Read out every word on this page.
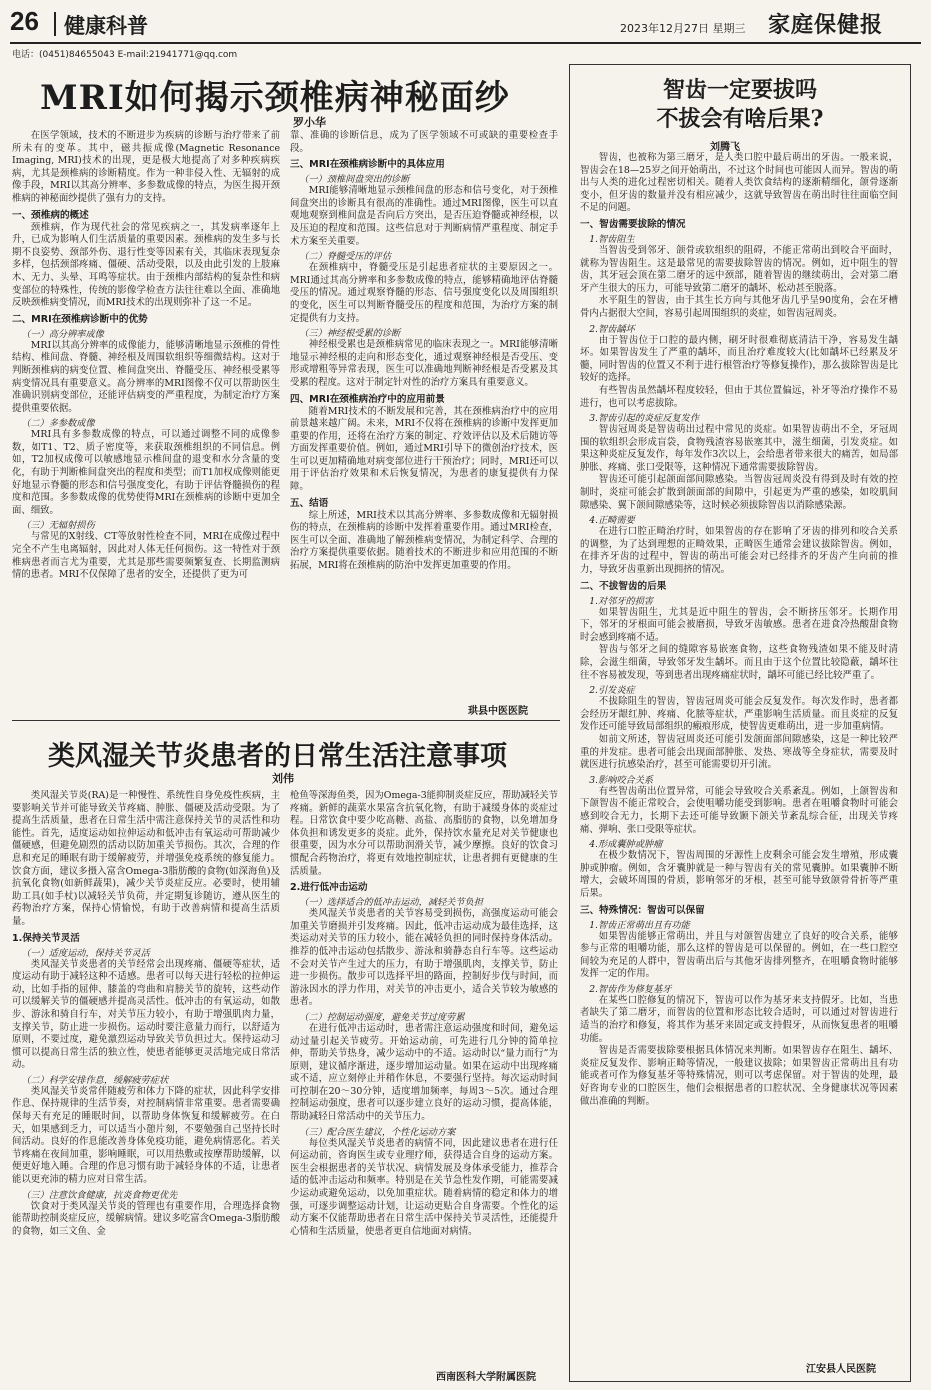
26 健康科普	2023年12月27日 星期三 家庭保健报
电话：(0451)84655043 E-mail:21941771@qq.com
MRI如何揭示颈椎病神秘面纱
罗小华

在医学领域，技术的不断进步为疾病的诊断与治疗带来了前所未有的变革。其中，磁共振成像(Magnetic Resonance Imaging, MRI)技术的出现，更是极大地提高了对多种疾病疾病，尤其是颈椎病的诊断精度。作为一种非侵入性、无辐射的成像手段，MRI以其高分辨率、多参数成像的特点，为医生揭开颈椎病的神秘面纱提供了强有力的支持。

一、颈椎病的概述

颈椎病，作为现代社会的常见疾病之一，其发病率逐年上升，已成为影响人们生活质量的重要因素。颈椎病的发生多与长期不良姿势、颈部外伤、退行性变等因素有关，其临床表现复杂多样，包括颈部疼痛、僵硬、活动受限，以及由此引发的上肢麻木、无力、头晕、耳鸣等症状。由于颈椎内部结构的复杂性和病变部位的特殊性，传统的影像学检查方法往往难以全面、准确地反映颈椎病变情况，而MRI技术的出现则弥补了这一不足。

二、MRI在颈椎病诊断中的优势
（一）高分辨率成像

MRI以其高分辨率的成像能力，能够清晰地显示颈椎的骨性结构、椎间盘、脊髓、神经根及周围软组织等细微结构。这对于判断颈椎病的病变位置、椎间盘突出、脊髓受压、神经根受累等病变情况具有重要意义。高分辨率的MRI图像不仅可以帮助医生准确识别病变部位，还能评估病变的严重程度，为制定治疗方案提供重要依据。

（二）多参数成像

MRI具有多参数成像的特点，可以通过调整不同的成像参数，如T1、T2、质子密度等，来获取颈椎组织的不同信息。例如，T2加权成像可以敏感地显示椎间盘的退变和水分含量的变化，有助于判断椎间盘突出的程度和类型；而T1加权成像则能更好地显示脊髓的形态和信号强度变化，有助于评估脊髓损伤的程度和范围。多参数成像的优势使得MRI在颈椎病的诊断中更加全面、细致。

（三）无辐射损伤

与常见的X射线、CT等放射性检查不同，MRI在成像过程中完全不产生电离辐射，因此对人体无任何损伤。这一特性对于颈椎病患者而言尤为重要，尤其是那些需要频繁复查、长期监测病情的患者。MRI不仅保障了患者的安全，还提供了更为可

靠、准确的诊断信息，成为了医学领域不可或缺的重要检查手段。

三、MRI在颈椎病诊断中的具体应用
（一）颈椎间盘突出的诊断

MRI能够清晰地显示颈椎间盘的形态和信号变化，对于颈椎间盘突出的诊断具有很高的准确性。通过MRI图像，医生可以直观地观察到椎间盘是否向后方突出，是否压迫脊髓或神经根，以及压迫的程度和范围。这些信息对于判断病情严重程度、制定手术方案至关重要。

（二）脊髓受压的评估

在颈椎病中，脊髓受压是引起患者症状的主要原因之一。MRI通过其高分辨率和多参数成像的特点，能够精确地评估脊髓受压的情况。通过观察脊髓的形态、信号强度变化以及周围组织的变化，医生可以判断脊髓受压的程度和范围，为治疗方案的制定提供有力支持。

（三）神经根受累的诊断

神经根受累也是颈椎病常见的临床表现之一。MRI能够清晰地显示神经根的走向和形态变化，通过观察神经根是否受压、变形或增粗等异常表现，医生可以准确地判断神经根是否受累及其受累的程度。这对于制定针对性的治疗方案具有重要意义。

四、MRI在颈椎病治疗中的应用前景

随着MRI技术的不断发展和完善，其在颈椎病治疗中的应用前景越来越广阔。未来，MRI不仅将在颈椎病的诊断中发挥更加重要的作用，还将在治疗方案的制定、疗效评估以及术后随访等方面发挥重要价值。例如，通过MRI引导下的微创治疗技术，医生可以更加精确地对病变部位进行干预治疗；同时，MRI还可以用于评估治疗效果和术后恢复情况，为患者的康复提供有力保障。

五、结语

综上所述，MRI技术以其高分辨率、多参数成像和无辐射损伤的特点，在颈椎病的诊断中发挥着重要作用。通过MRI检查，医生可以全面、准确地了解颈椎病变情况，为制定科学、合理的治疗方案提供重要依据。随着技术的不断进步和应用范围的不断拓展，MRI将在颈椎病的防治中发挥更加重要的作用。

珙县中医医院
类风湿关节炎患者的日常生活注意事项
刘伟

类风湿关节炎(RA)是一种慢性、系统性自身免疫性疾病，主要影响关节并可能导致关节疼痛、肿胀、僵硬及活动受限。为了提高生活质量，患者在日常生活中需注意保持关节的灵活性和功能性。首先，适度运动如拉伸运动和低冲击有氧运动可帮助减少僵硬感，但避免剧烈的活动以防加重关节损伤。其次，合理的作息和充足的睡眠有助于缓解疲劳，并增强免疫系统的修复能力。饮食方面，建议多摄入富含Omega-3脂肪酸的食物(如深海鱼)及抗氧化食物(如新鲜蔬果)，减少关节炎症反应。必要时，使用辅助工具(如手杖)以减轻关节负荷，并定期复诊随访，遵从医生的药物治疗方案，保持心情愉悦，有助于改善病情和提高生活质量。

1.保持关节灵活
（一）适度运动，保持关节灵活

类风湿关节炎患者的关节经常会出现疼痛、僵硬等症状，适度运动有助于减轻这种不适感。患者可以每天进行轻松的拉伸运动，比如手指的屈伸、膝盖的弯曲和肩膀关节的旋转，这些动作可以缓解关节的僵硬感并提高灵活性。低冲击的有氧运动，如散步、游泳和骑自行车，对关节压力较小，有助于增强肌肉力量，支撑关节，防止进一步损伤。运动时要注意量力而行，以舒适为原则，不要过度，避免激烈运动导致关节负担过大。保持运动习惯可以提高日常生活的独立性，使患者能够更灵活地完成日常活动。

（二）科学安排作息，缓解疲劳症状

类风湿关节炎常伴随疲劳和体力下降的症状，因此科学安排作息、保持规律的生活节奏，对控制病情非常重要。患者需要确保每天有充足的睡眠时间，以帮助身体恢复和缓解疲劳。在白天，如果感到乏力，可以适当小憩片刻，不要勉强自己坚持长时间活动。良好的作息能改善身体免疫功能，避免病情恶化。若关节疼痛在夜间加重，影响睡眠，可以用热敷或按摩帮助缓解，以便更好地入睡。合理的作息习惯有助于减轻身体的不适，让患者能以更充沛的精力应对日常生活。

（三）注意饮食健康，抗炎食物更优先

饮食对于类风湿关节炎的管理也有重要作用，合理选择食物能帮助控制炎症反应，缓解病情。建议多吃富含Omega-3脂肪酸的食物，如三文鱼、金

枪鱼等深海鱼类，因为Omega-3能抑制炎症反应，帮助减轻关节疼痛。新鲜的蔬菜水果富含抗氧化物，有助于减缓身体的炎症过程。日常饮食中要少吃高糖、高盐、高脂肪的食物，以免增加身体负担和诱发更多的炎症。此外，保持饮水量充足对关节健康也很重要，因为水分可以帮助润滑关节，减少摩擦。良好的饮食习惯配合药物治疗，将更有效地控制症状，让患者拥有更健康的生活质量。

2.进行低冲击运动
（一）选择适合的低冲击运动，减轻关节负担

类风湿关节炎患者的关节容易受到损伤，高强度运动可能会加重关节磨损并引发疼痛。因此，低冲击运动成为最佳选择，这类运动对关节的压力较小，能在减轻负担的同时保持身体活动。推荐的低冲击运动包括散步、游泳和骑静态自行车等。这些运动不会对关节产生过大的压力，有助于增强肌肉，支撑关节，防止进一步损伤。散步可以选择平坦的路面，控制好步伐与时间，而游泳因水的浮力作用，对关节的冲击更小，适合关节较为敏感的患者。

（二）控制运动强度，避免关节过度劳累

在进行低冲击运动时，患者需注意运动强度和时间，避免运动过量引起关节疲劳。开始运动前，可先进行几分钟的简单拉伸，帮助关节热身，减少运动中的不适。运动时以“量力而行”为原则，建议循序渐进，逐步增加运动量。如果在运动中出现疼痛或不适，应立刻停止并稍作休息，不要强行坚持。每次运动时间可控制在20～30分钟，适度增加频率，每周3～5次。通过合理控制运动强度，患者可以逐步建立良好的运动习惯，提高体能，帮助减轻日常活动中的关节压力。

（三）配合医生建议，个性化运动方案

每位类风湿关节炎患者的病情不同，因此建议患者在进行任何运动前，咨询医生或专业理疗师，获得适合自身的运动方案。医生会根据患者的关节状况、病情发展及身体承受能力，推荐合适的低冲击运动和频率。特别是在关节急性发作期，可能需要减少运动或避免运动，以免加重症状。随着病情的稳定和体力的增强，可逐步调整运动计划，让运动更贴合自身需要。个性化的运动方案不仅能帮助患者在日常生活中保持关节灵活性，还能提升心情和生活质量，使患者更自信地面对病情。

西南医科大学附属医院
智齿一定要拔吗
不拔会有啥后果?
刘腾飞

智齿，也被称为第三磨牙，是人类口腔中最后萌出的牙齿。一般来说，智齿会在18—25岁之间开始萌出，不过这个时间也可能因人而异。智齿的萌出与人类的进化过程密切相关。随着人类饮食结构的逐渐精细化，颌骨逐渐变小，但牙齿的数量并没有相应减少，这就导致智齿在萌出时往往面临空间不足的问题。

一、智齿需要拔除的情况
1.智齿阻生

当智齿受到邻牙、颌骨或软组织的阻碍，不能正常萌出到咬合平面时，就称为智齿阻生。这是最常见的需要拔除智齿的情况。例如，近中阻生的智齿，其牙冠会顶在第二磨牙的远中颈部，随着智齿的继续萌出，会对第二磨牙产生很大的压力，可能导致第二磨牙的龋坏、松动甚至脱落。

水平阻生的智齿，由于其生长方向与其他牙齿几乎呈90度角，会在牙槽骨内占据很大空间，容易引起周围组织的炎症，如智齿冠周炎。

2.智齿龋坏

由于智齿位于口腔的最内侧，刷牙时很难彻底清洁干净，容易发生龋坏。如果智齿发生了严重的龋坏，而且治疗难度较大(比如龋坏已经累及牙髓，同时智齿的位置又不利于进行根管治疗等修复操作)，那么拔除智齿是比较好的选择。

有些智齿虽然龋坏程度较轻，但由于其位置偏远，补牙等治疗操作不易进行，也可以考虑拔除。

3.智齿引起的炎症反复发作

智齿冠周炎是智齿萌出过程中常见的炎症。如果智齿萌出不全，牙冠周围的软组织会形成盲袋，食物残渣容易嵌塞其中，滋生细菌，引发炎症。如果这种炎症反复发作，每年发作3次以上，会给患者带来很大的痛苦，如局部肿胀、疼痛、张口受限等，这种情况下通常需要拔除智齿。

智齿还可能引起颌面部间隙感染。当智齿冠周炎没有得到及时有效的控制时，炎症可能会扩散到颌面部的间隙中，引起更为严重的感染，如咬肌间隙感染、翼下颌间隙感染等，这时候必须拔除智齿以消除感染源。

4.正畸需要

在进行口腔正畸治疗时，如果智齿的存在影响了牙齿的排列和咬合关系的调整，为了达到理想的正畸效果，正畸医生通常会建议拔除智齿。例如，在排齐牙齿的过程中，智齿的萌出可能会对已经排齐的牙齿产生向前的推力，导致牙齿重新出现拥挤的情况。

二、不拔智齿的后果
1.对邻牙的损害

如果智齿阻生，尤其是近中阻生的智齿，会不断挤压邻牙。长期作用下，邻牙的牙根面可能会被磨损，导致牙齿敏感。患者在进食冷热酸甜食物时会感到疼痛不适。

智齿与邻牙之间的缝隙容易嵌塞食物，这些食物残渣如果不能及时清除，会滋生细菌，导致邻牙发生龋坏。而且由于这个位置比较隐蔽，龋坏往往不容易被发现，等到患者出现疼痛症状时，龋坏可能已经比较严重了。

2.引发炎症

不拔除阻生的智齿，智齿冠周炎可能会反复发作。每次发作时，患者都会经历牙龈红肿、疼痛、化脓等症状，严重影响生活质量。而且炎症的反复发作还可能导致局部组织的瘢痕形成，使智齿更难萌出，进一步加重病情。

如前文所述，智齿冠周炎还可能引发颌面部间隙感染，这是一种比较严重的并发症。患者可能会出现面部肿胀、发热、寒战等全身症状，需要及时就医进行抗感染治疗，甚至可能需要切开引流。

3.影响咬合关系

有些智齿萌出位置异常，可能会导致咬合关系紊乱。例如，上颌智齿和下颌智齿不能正常咬合，会使咀嚼功能受到影响。患者在咀嚼食物时可能会感到咬合无力，长期下去还可能导致颞下颌关节紊乱综合征，出现关节疼痛、弹响、张口受限等症状。

4.形成囊肿或肿瘤

在极少数情况下，智齿周围的牙源性上皮剩余可能会发生增殖，形成囊肿或肿瘤。例如，含牙囊肿就是一种与智齿有关的常见囊肿。如果囊肿不断增大，会破坏周围的骨质，影响邻牙的牙根，甚至可能导致颌骨骨折等严重后果。

三、特殊情况：智齿可以保留
1.智齿正常萌出且有功能

如果智齿能够正常萌出，并且与对颌智齿建立了良好的咬合关系，能够参与正常的咀嚼功能，那么这样的智齿是可以保留的。例如，在一些口腔空间较为充足的人群中，智齿萌出后与其他牙齿排列整齐，在咀嚼食物时能够发挥一定的作用。

2.智齿作为修复基牙

在某些口腔修复的情况下，智齿可以作为基牙来支持假牙。比如，当患者缺失了第二磨牙，而智齿的位置和形态比较合适时，可以通过对智齿进行适当的治疗和修复，将其作为基牙来固定或支持假牙，从而恢复患者的咀嚼功能。

智齿是否需要拔除要根据具体情况来判断。如果智齿存在阻生、龋坏、炎症反复发作、影响正畸等情况，一般建议拔除；如果智齿正常萌出且有功能或者可作为修复基牙等特殊情况，则可以考虑保留。对于智齿的处理，最好咨询专业的口腔医生，他们会根据患者的口腔状况、全身健康状况等因素做出准确的判断。

江安县人民医院
